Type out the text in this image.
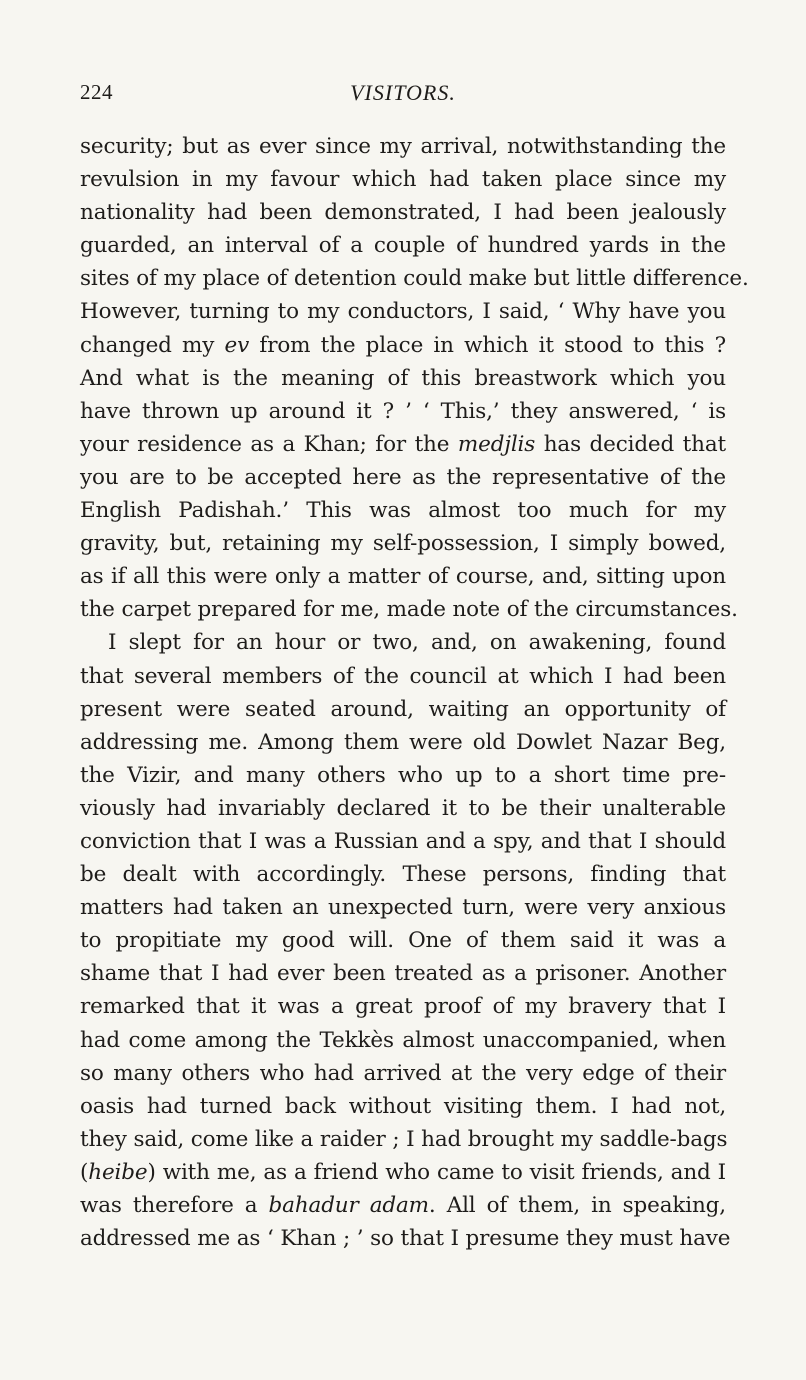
224	VISITORS.
security; but as ever since my arrival, notwithstanding the
revulsion in my favour which had taken place since my
nationality had been demonstrated, I had been jealously
guarded, an interval of a couple of hundred yards in the
sites of my place of detention could make but little difference.
However, turning to my conductors, I said, ‘ Why have you
changed my ev from the place in which it stood to this ?
And what is the meaning of this breastwork which you
have thrown up around it ? ’ ‘ This,’ they answered, ‘ is
your residence as a Khan; for the medjlis has decided that
you are to be accepted here as the representative of the
English Padishah.’ This was almost too much for my
gravity, but, retaining my self-possession, I simply bowed,
as if all this were only a matter of course, and, sitting upon
the carpet prepared for me, made note of the circumstances.
I slept for an hour or two, and, on awakening, found
that several members of the council at which I had been
present were seated around, waiting an opportunity of
addressing me. Among them were old Dowlet Nazar Beg,
the Vizir, and many others who up to a short time pre-
viously had invariably declared it to be their unalterable
conviction that I was a Russian and a spy, and that I should
be dealt with accordingly. These persons, finding that
matters had taken an unexpected turn, were very anxious
to propitiate my good will. One of them said it was a
shame that I had ever been treated as a prisoner. Another
remarked that it was a great proof of my bravery that I
had come among the Tekkès almost unaccompanied, when
so many others who had arrived at the very edge of their
oasis had turned back without visiting them. I had not,
they said, come like a raider ; I had brought my saddle-bags
(heibe) with me, as a friend who came to visit friends, and I
was therefore a bahadur adam. All of them, in speaking,
addressed me as ‘ Khan ; ’ so that I presume they must have
